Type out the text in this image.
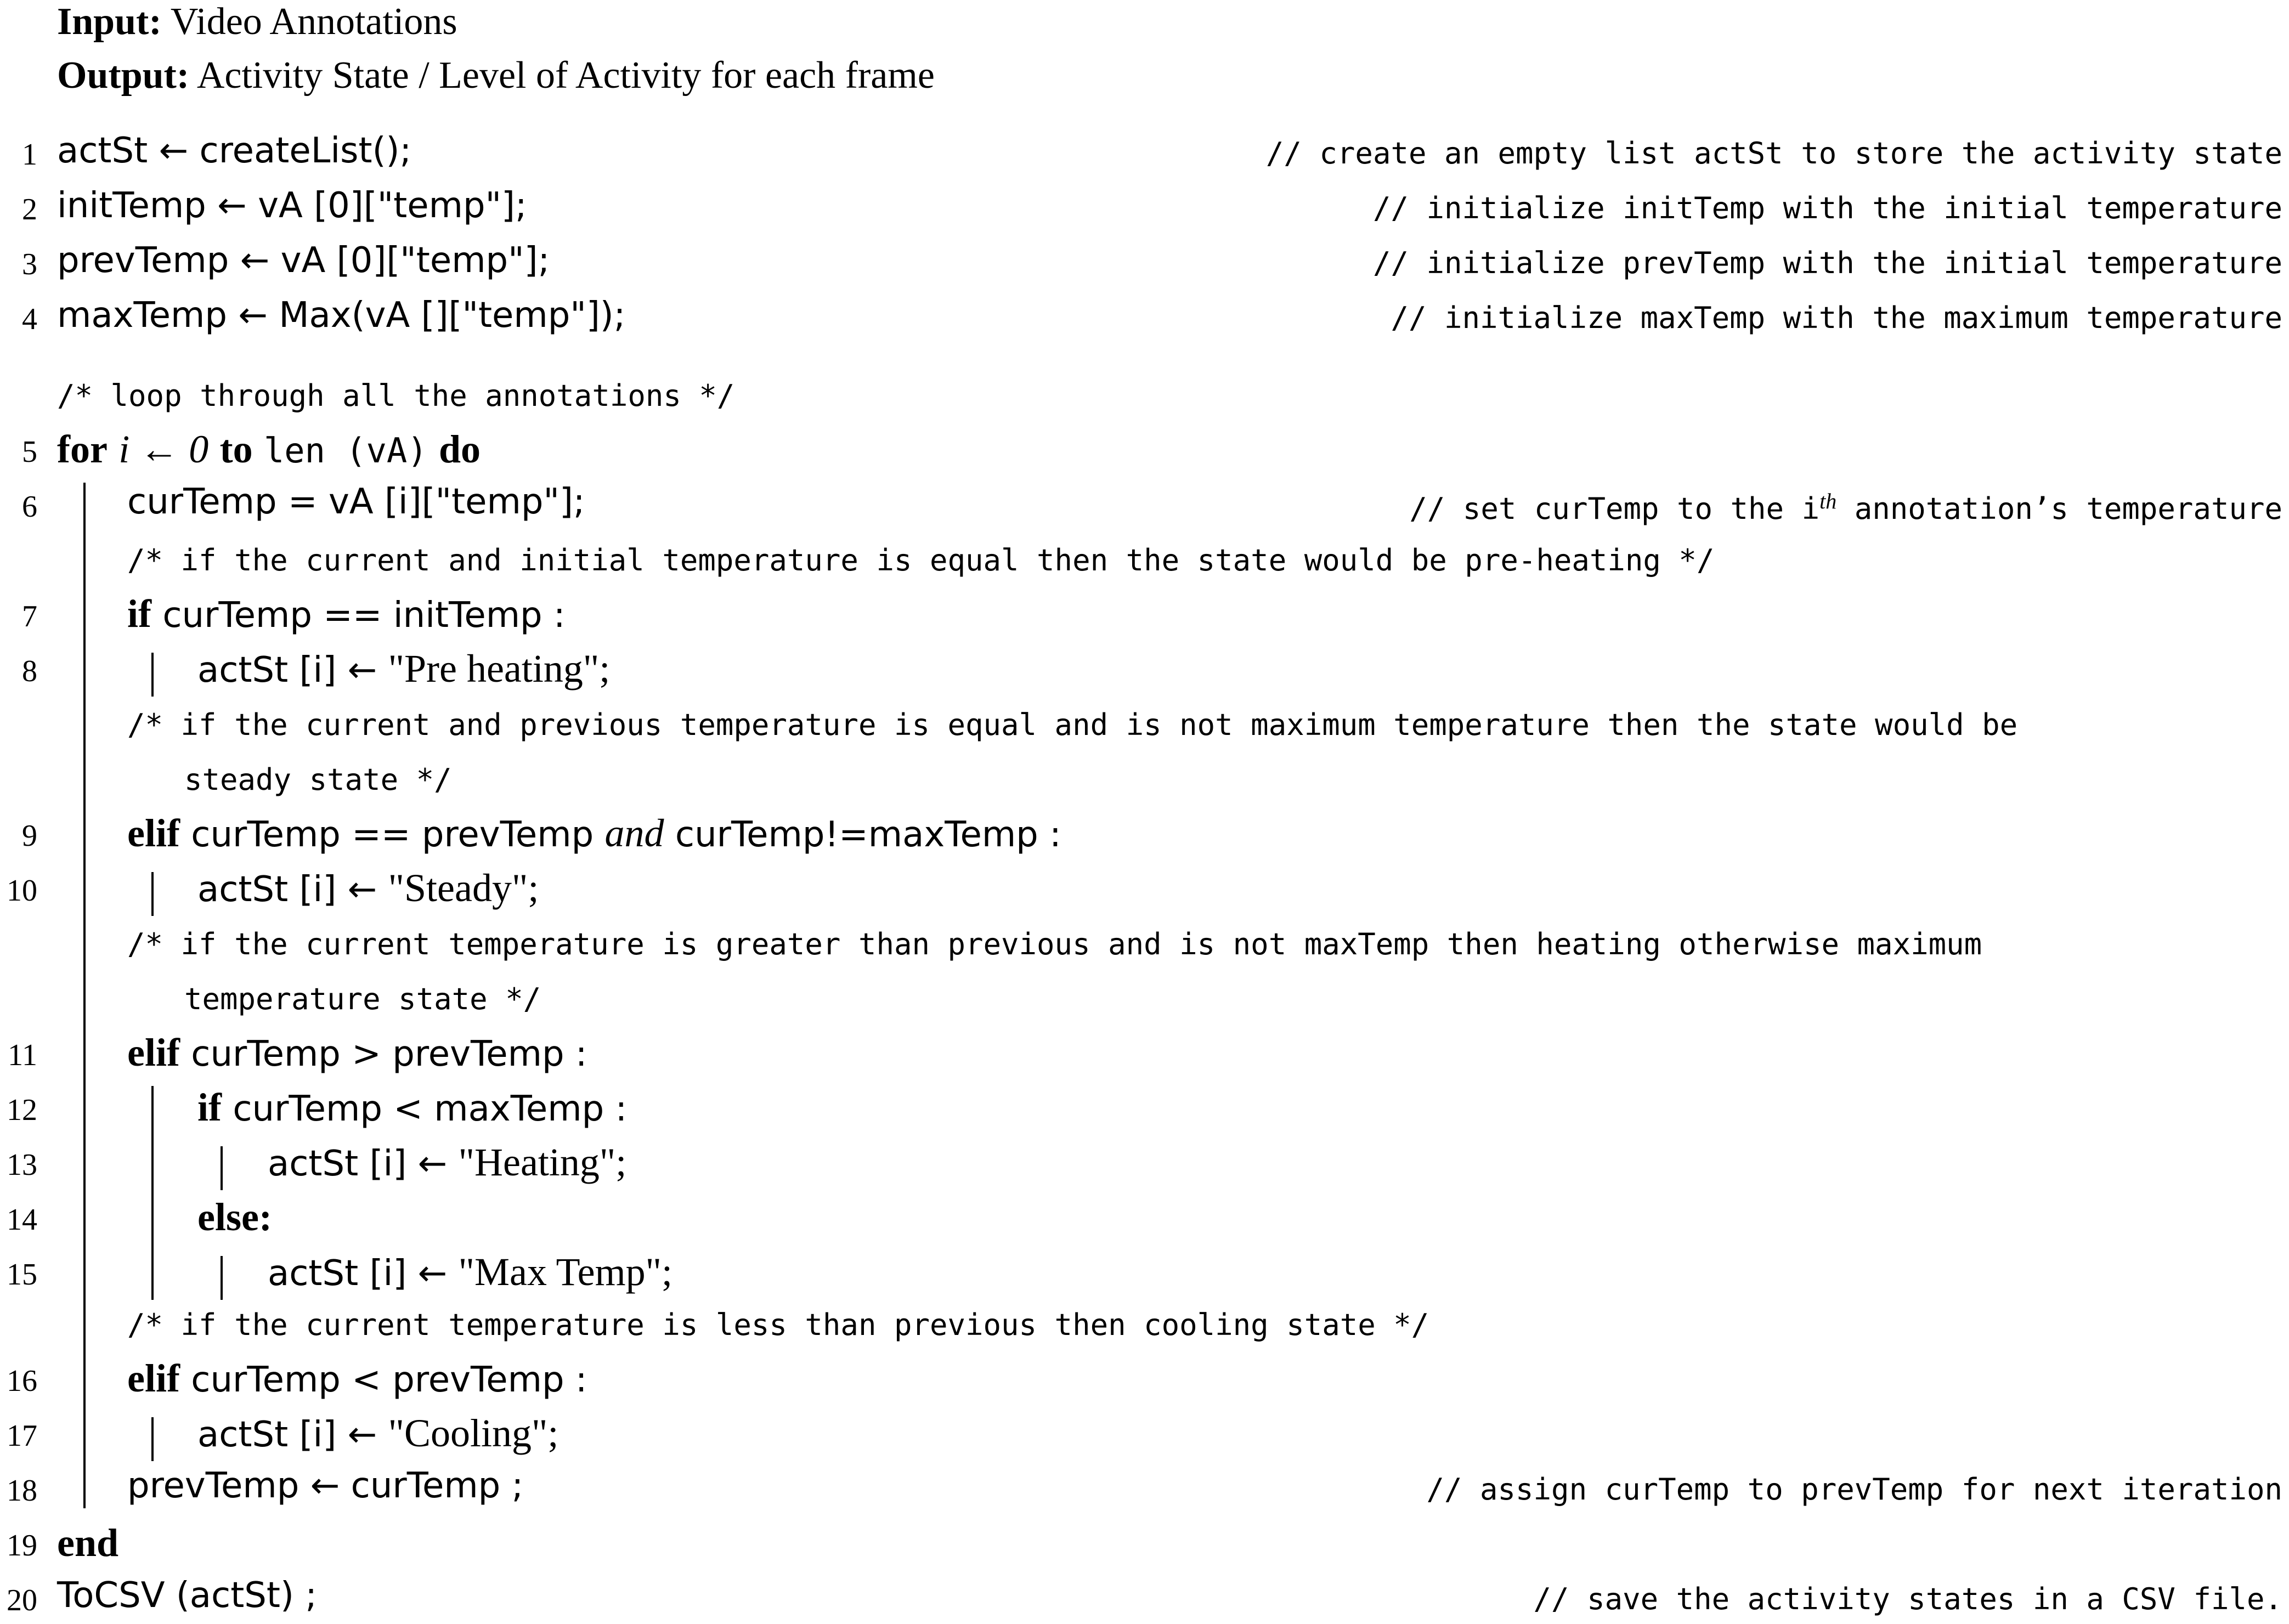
Input: Video Annotations
Output: Activity State / Level of Activity for each frame
1 actSt ← createList();	// create an empty list actSt to store the activity state
2 initTemp ← vA [0]["temp"];	// initialize initTemp with the initial temperature
3 prevTemp ← vA [0]["temp"];	// initialize prevTemp with the initial temperature
4 maxTemp ← Max(vA []["temp"]);	// initialize maxTemp with the maximum temperature
/* loop through all the annotations */
5 for i ← 0 to len (vA) do
6	curTemp = vA [i]["temp"];	// set curTemp to the $i^{th}$ annotation’s temperature
/* if the current and initial temperature is equal then the state would be pre-heating */
7 if curTemp == initTemp :
8	actSt [i] ← "Pre heating";
/* if the current and previous temperature is equal and is not maximum temperature then the state would be
steady state */
9 elif curTemp == prevTemp and curTemp!=maxTemp :
10	actSt [i] ← "Steady";
/* if the current temperature is greater than previous and is not maxTemp then heating otherwise maximum
temperature state */
11 elif curTemp > prevTemp :
12	if curTemp < maxTemp :
13	actSt [i] ← "Heating";
14	else:
15	actSt [i] ← "Max Temp";
/* if the current temperature is less than previous then cooling state */
16 elif curTemp < prevTemp :
17	actSt [i] ← "Cooling";
18	prevTemp ← curTemp ;	// assign curTemp to prevTemp for next iteration
19 end
20 ToCSV (actSt) ;	// save the activity states in a CSV file.
